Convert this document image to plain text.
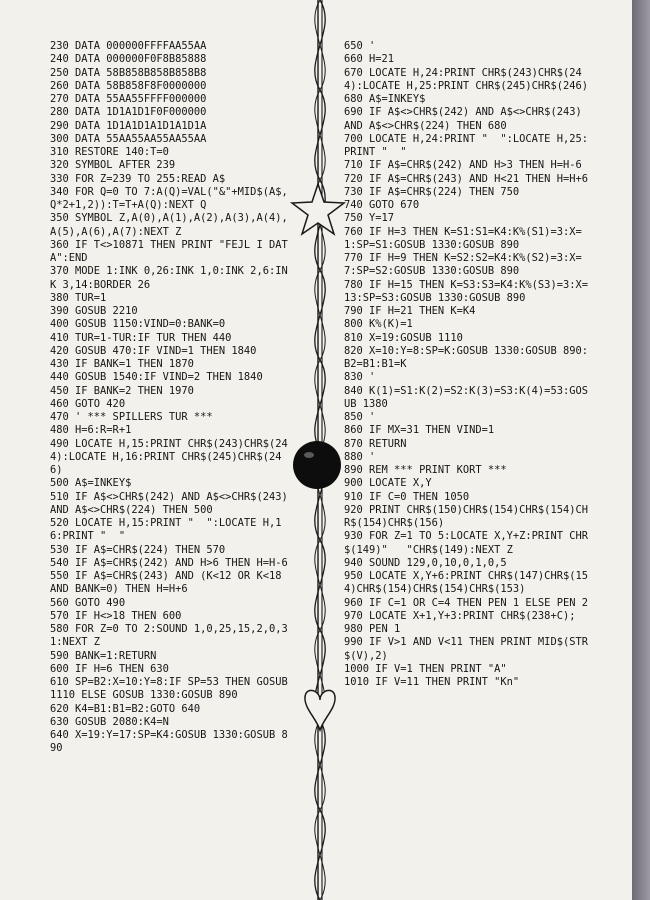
​
230 DATA 000000FFFFAA55AA
240 DATA 000000F0F8B85888
250 DATA 58B858B858B858B8
260 DATA 58B858F8F0000000
270 DATA 55AA55FFFF000000
280 DATA 1D1A1D1F0F000000
290 DATA 1D1A1D1A1D1A1D1A
300 DATA 55AA55AA55AA55AA
310 RESTORE 140:T=0
320 SYMBOL AFTER 239
330 FOR Z=239 TO 255:READ A$
340 FOR Q=0 TO 7:A(Q)=VAL("&"+MID$(A$,Q*2+1,2)):T=T+A(Q):NEXT Q
350 SYMBOL Z,A(0),A(1),A(2),A(3),A(4),A(5),A(6),A(7):NEXT Z
360 IF T<>10871 THEN PRINT "FEJL I DATA":END
370 MODE 1:INK 0,26:INK 1,0:INK 2,6:INK 3,14:BORDER 26
380 TUR=1
390 GOSUB 2210
400 GOSUB 1150:VIND=0:BANK=0
410 TUR=1-TUR:IF TUR THEN 440
420 GOSUB 470:IF VIND=1 THEN 1840
430 IF BANK=1 THEN 1870
440 GOSUB 1540:IF VIND=2 THEN 1840
450 IF BANK=2 THEN 1970
460 GOTO 420
470 ' *** SPILLERS TUR ***
480 H=6:R=R+1
490 LOCATE H,15:PRINT CHR$(243)CHR$(244):LOCATE H,16:PRINT CHR$(245)CHR$(246)
500 A$=INKEY$
510 IF A$<>CHR$(242) AND A$<>CHR$(243) AND A$<>CHR$(224) THEN 500
520 LOCATE H,15:PRINT "  ":LOCATE H,16:PRINT "  "
530 IF A$=CHR$(224) THEN 570
540 IF A$=CHR$(242) AND H>6 THEN H=H-6
550 IF A$=CHR$(243) AND (K<12 OR K<18 AND BANK=0) THEN H=H+6
560 GOTO 490
570 IF H<>18 THEN 600
580 FOR Z=0 TO 2:SOUND 1,0,25,15,2,0,31:NEXT Z
590 BANK=1:RETURN
600 IF H=6 THEN 630
610 SP=B2:X=10:Y=8:IF SP=53 THEN GOSUB 1110 ELSE GOSUB 1330:GOSUB 890
620 K4=B1:B1=B2:GOTO 640
630 GOSUB 2080:K4=N
640 X=19:Y=17:SP=K4:GOSUB 1330:GOSUB 890
650 '
660 H=21
670 LOCATE H,24:PRINT CHR$(243)CHR$(244):LOCATE H,25:PRINT CHR$(245)CHR$(246)
680 A$=INKEY$
690 IF A$<>CHR$(242) AND A$<>CHR$(243) AND A$<>CHR$(224) THEN 680
700 LOCATE H,24:PRINT "  ":LOCATE H,25:PRINT "  "
710 IF A$=CHR$(242) AND H>3 THEN H=H-6
720 IF A$=CHR$(243) AND H<21 THEN H=H+6
730 IF A$=CHR$(224) THEN 750
740 GOTO 670
750 Y=17
760 IF H=3 THEN K=S1:S1=K4:K%(S1)=3:X=1:SP=S1:GOSUB 1330:GOSUB 890
770 IF H=9 THEN K=S2:S2=K4:K%(S2)=3:X=7:SP=S2:GOSUB 1330:GOSUB 890
780 IF H=15 THEN K=S3:S3=K4:K%(S3)=3:X=13:SP=S3:GOSUB 1330:GOSUB 890
790 IF H=21 THEN K=K4
800 K%(K)=1
810 X=19:GOSUB 1110
820 X=10:Y=8:SP=K:GOSUB 1330:GOSUB 890:B2=B1:B1=K
830 '
840 K(1)=S1:K(2)=S2:K(3)=S3:K(4)=53:GOSUB 1380
850 '
860 IF MX=31 THEN VIND=1
870 RETURN
880 '
890 REM *** PRINT KORT ***
900 LOCATE X,Y
910 IF C=0 THEN 1050
920 PRINT CHR$(150)CHR$(154)CHR$(154)CHR$(154)CHR$(156)
930 FOR Z=1 TO 5:LOCATE X,Y+Z:PRINT CHR$(149)"   "CHR$(149):NEXT Z
940 SOUND 129,0,10,0,1,0,5
950 LOCATE X,Y+6:PRINT CHR$(147)CHR$(154)CHR$(154)CHR$(154)CHR$(153)
960 IF C=1 OR C=4 THEN PEN 1 ELSE PEN 2
970 LOCATE X+1,Y+3:PRINT CHR$(238+C);
980 PEN 1
990 IF V>1 AND V<11 THEN PRINT MID$(STR$(V),2)
1000 IF V=1 THEN PRINT "A"
1010 IF V=11 THEN PRINT "Kn"
